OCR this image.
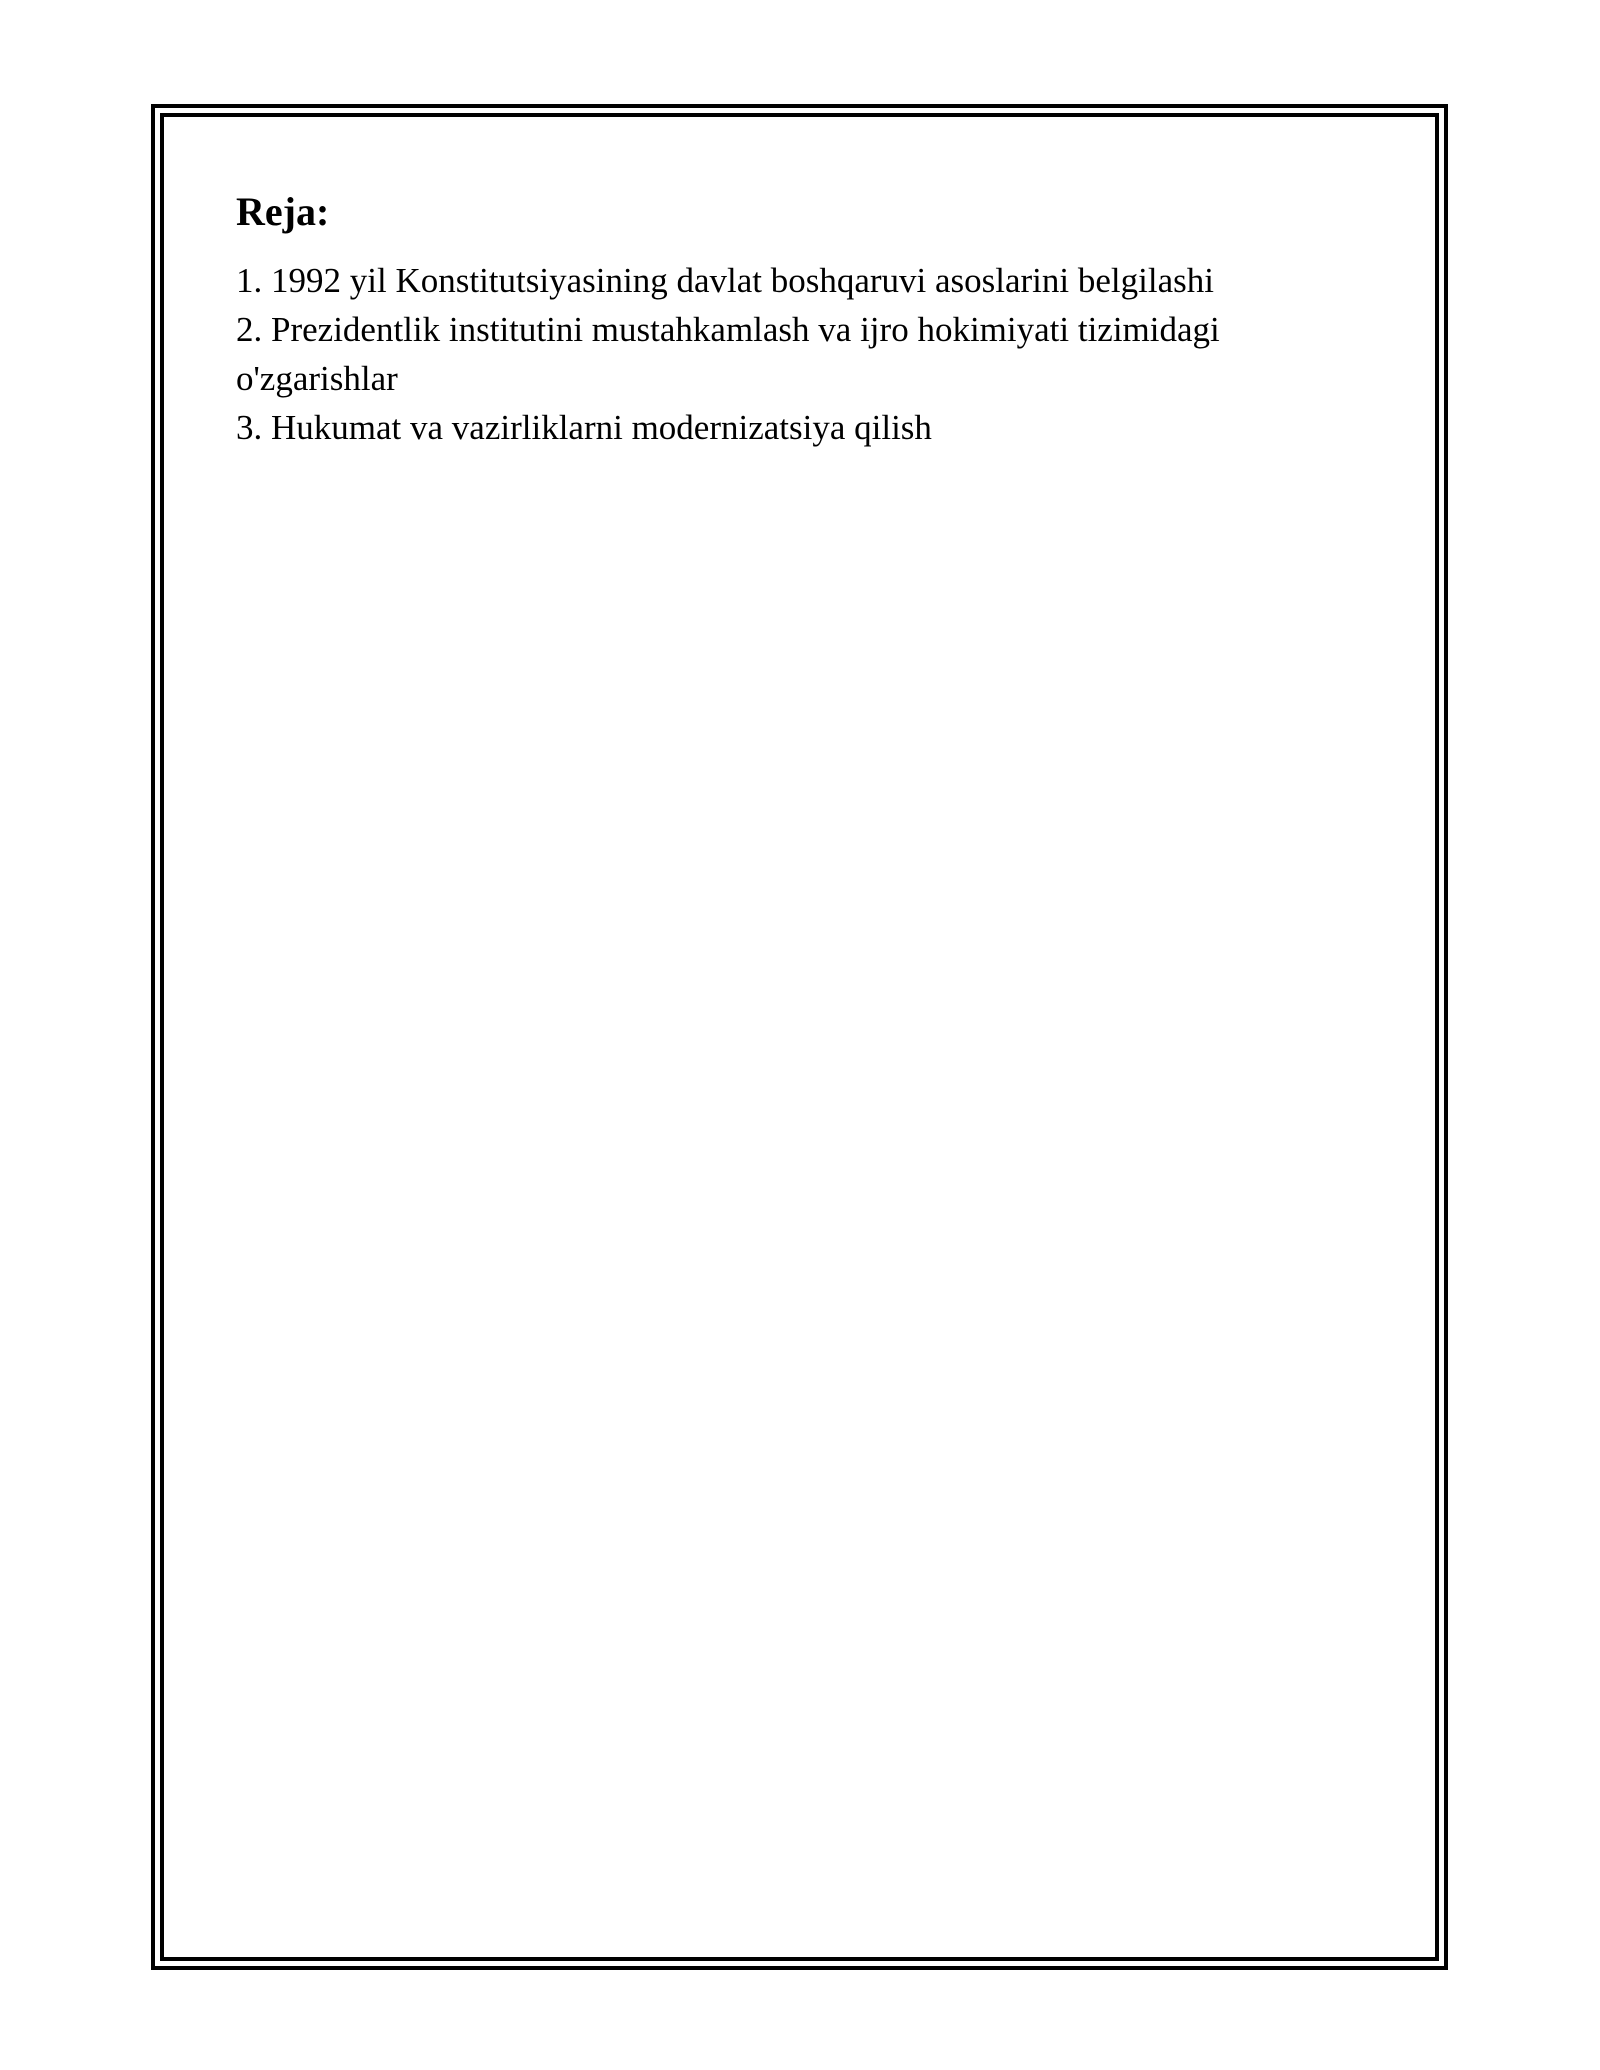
Reja:
1. 1992 yil Konstitutsiyasining davlat boshqaruvi asoslarini belgilashi
2. Prezidentlik institutini mustahkamlash va ijro hokimiyati tizimidagi o'zgarishlar
3. Hukumat va vazirliklarni modernizatsiya qilish
